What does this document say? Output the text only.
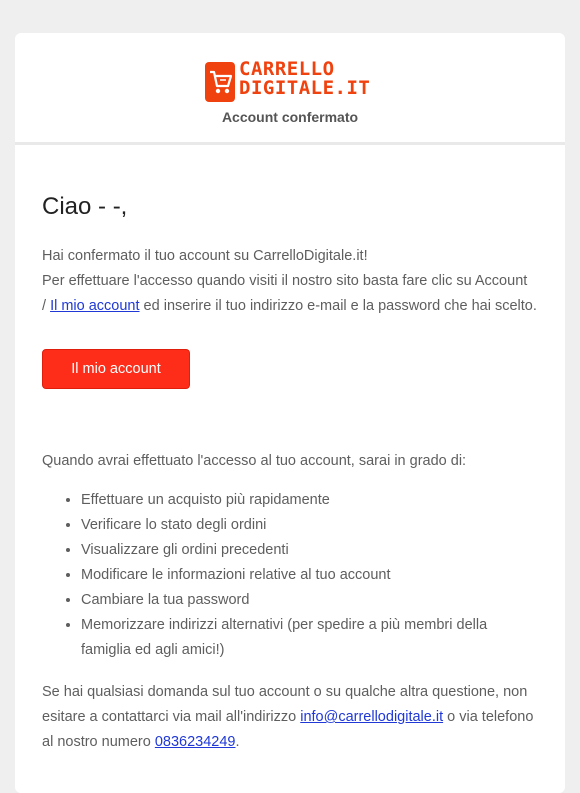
CARRELLO
DIGITALE.IT
Account confermato
Ciao - -,

Hai confermato il tuo account su CarrelloDigitale.it!

Per effettuare l'accesso quando visiti il nostro sito basta fare clic su Account

/ Il mio account ed inserire il tuo indirizzo e-mail e la password che hai scelto.

Il mio account
Quando avrai effettuato l'accesso al tuo account, sarai in grado di:
• Effettuare un acquisto più rapidamente
• Verificare lo stato degli ordini
• Visualizzare gli ordini precedenti
• Modificare le informazioni relative al tuo account
• Cambiare la tua password
• Memorizzare indirizzi alternativi (per spedire a più membri della famiglia ed agli amici!)
Se hai qualsiasi domanda sul tuo account o su qualche altra questione, non esitare a contattarci via mail all'indirizzo info@carrellodigitale.it o via telefono al nostro numero 0836234249.
